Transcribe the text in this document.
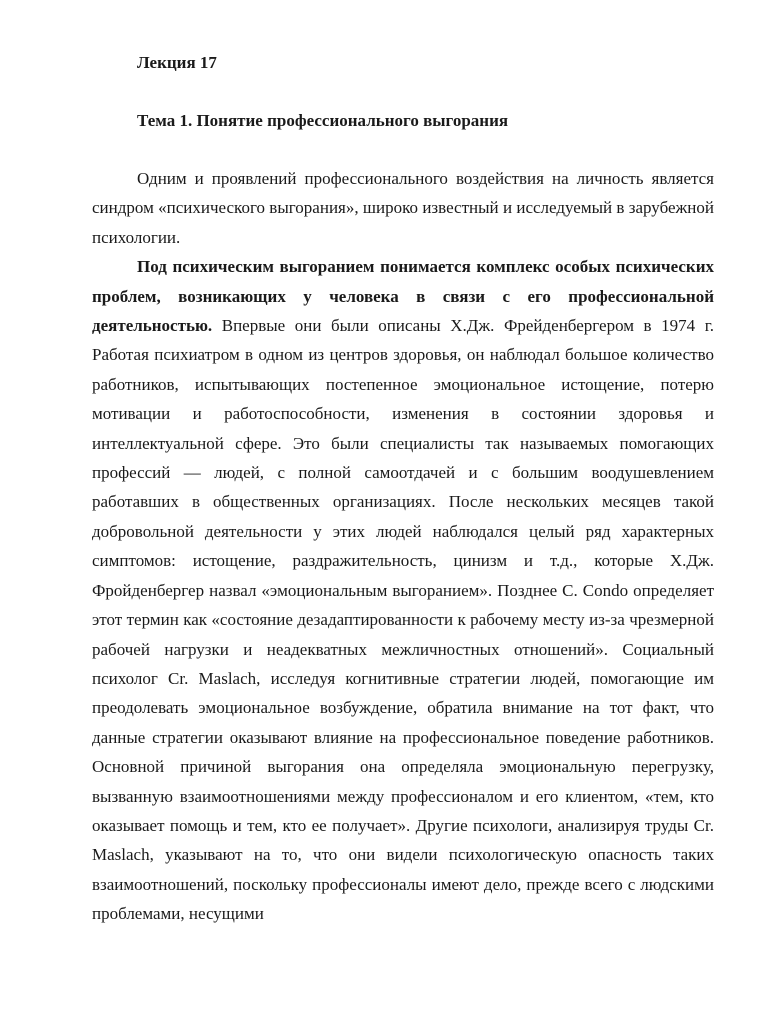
Лекция 17

Тема 1. Понятие профессионального выгорания

Одним и проявлений профессионального воздействия на личность является синдром «психического выгорания», широко известный и исследуемый в зарубежной психологии.

Под психическим выгоранием понимается комплекс особых психических проблем, возникающих у человека в связи с его профессиональной деятельностью. Впервые они были описаны Х.Дж. Фрейденбергером в 1974 г. Работая психиатром в одном из центров здоровья, он наблюдал большое количество работников, испытывающих постепенное эмоциональное истощение, потерю мотивации и работоспособности, изменения в состоянии здоровья и интеллектуальной сфере. Это были специалисты так называемых помогающих профессий — людей, с полной самоотдачей и с большим воодушевлением работавших в общественных организациях. После нескольких месяцев такой добровольной деятельности у этих людей наблюдался целый ряд характерных симптомов: истощение, раздражительность, цинизм и т.д., которые Х.Дж. Фройденбергер назвал «эмоциональным выгоранием». Позднее С. Condo определяет этот термин как «состояние дезадаптированности к рабочему месту из-за чрезмерной рабочей нагрузки и неадекватных межличностных отношений». Социальный психолог Cr. Maslach, исследуя когнитивные стратегии людей, помогающие им преодолевать эмоциональное возбуждение, обратила внимание на тот факт, что данные стратегии оказывают влияние на профессиональное поведение работников. Основной причиной выгорания она определяла эмоциональную перегрузку, вызванную взаимоотношениями между профессионалом и его клиентом, «тем, кто оказывает помощь и тем, кто ее получает». Другие психологи, анализируя труды Cr. Maslach, указывают на то, что они видели психологическую опасность таких взаимоотношений, поскольку профессионалы имеют дело, прежде всего с людскими проблемами, несущими
